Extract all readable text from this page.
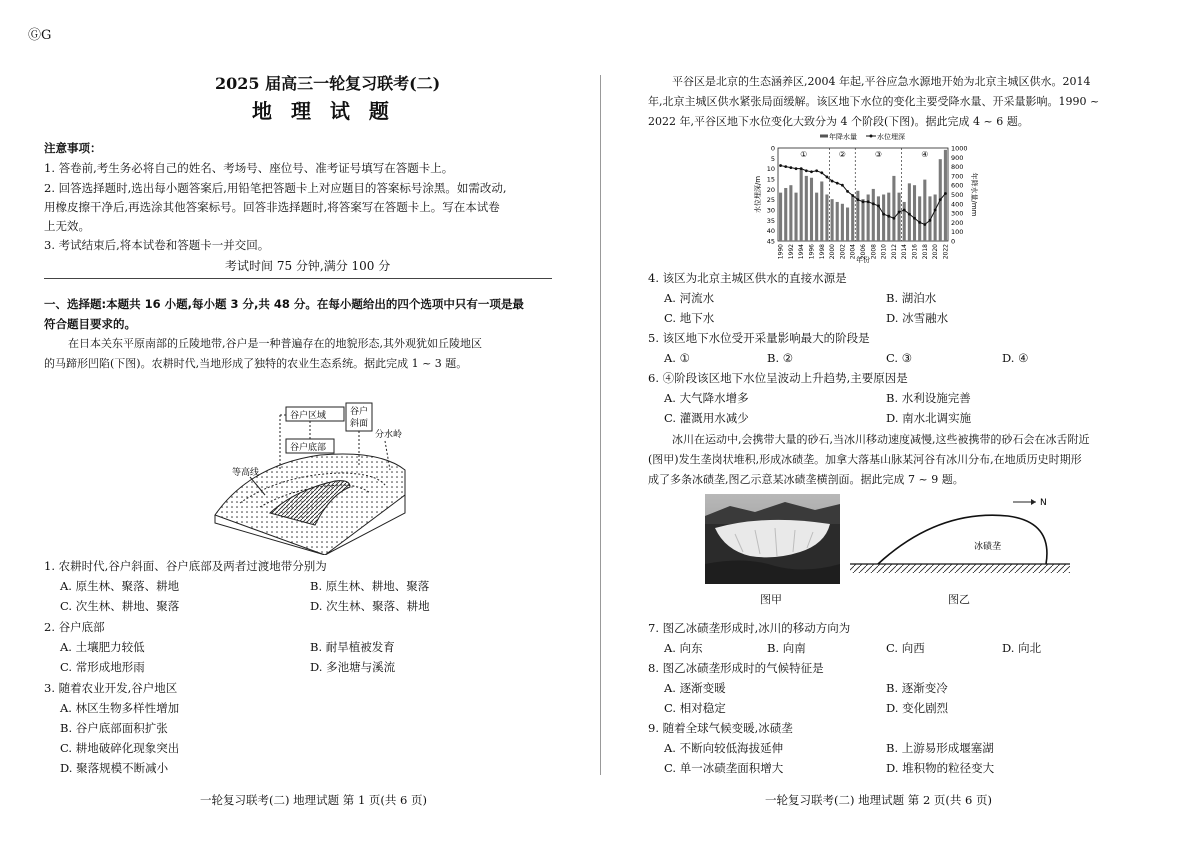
ⒼG
2025 届高三一轮复习联考(二)
地 理 试 题
注意事项：
1. 答卷前,考生务必将自己的姓名、考场号、座位号、准考证号填写在答题卡上。
2. 回答选择题时,选出每小题答案后,用铅笔把答题卡上对应题目的答案标号涂黑。如需改动,
用橡皮擦干净后,再选涂其他答案标号。回答非选择题时,将答案写在答题卡上。写在本试卷
上无效。
3. 考试结束后,将本试卷和答题卡一并交回。
考试时间 75 分钟,满分 100 分
一、选择题:本题共 16 小题,每小题 3 分,共 48 分。在每小题给出的四个选项中只有一项是最
符合题目要求的。
在日本关东平原南部的丘陵地带,谷户是一种普遍存在的地貌形态,其外观犹如丘陵地区
的马蹄形凹陷(下图)。农耕时代,当地形成了独特的农业生态系统。据此完成 1 ~ 3 题。
谷户区域	谷户
斜面
谷户底部
分水岭
等高线
1. 农耕时代,谷户斜面、谷户底部及两者过渡地带分别为
A. 原生林、聚落、耕地	B. 原生林、耕地、聚落
C. 次生林、耕地、聚落	D. 次生林、聚落、耕地
2. 谷户底部
A. 土壤肥力较低	B. 耐旱植被发育
C. 常形成地形雨	D. 多池塘与溪流
3. 随着农业开发,谷户地区
A. 林区生物多样性增加
B. 谷户底部面积扩张
C. 耕地破碎化现象突出
D. 聚落规模不断减小
一轮复习联考(二) 地理试题 第 1 页(共 6 页)
平谷区是北京的生态涵养区,2004 年起,平谷应急水源地开始为北京主城区供水。2014
年,北京主城区供水紧张局面缓解。该区地下水位的变化主要受降水量、开采量影响。1990 ~
2022 年,平谷区地下水位变化大致分为 4 个阶段(下图)。据此完成 4 ~ 6 题。
年降水量	水位埋深
0
5
10
15
20
25
30
35
40
45
1000
900
800
700
600
500
400
300
200
100
0
水位埋深/m	年降水量/mm
①	②	③	④
1990 1992 1994 1996 1998 2000 2002 2004 2006 2008 2010 2012 2014 2016 2018 2020 2022
年份
4. 该区为北京主城区供水的直接水源是
A. 河流水	B. 湖泊水
C. 地下水	D. 冰雪融水
5. 该区地下水位受开采量影响最大的阶段是
A. ①	B. ②	C. ③	D. ④
6. ④阶段该区地下水位呈波动上升趋势,主要原因是
A. 大气降水增多	B. 水利设施完善
C. 灌溉用水减少	D. 南水北调实施
冰川在运动中,会携带大量的砂石,当冰川移动速度减慢,这些被携带的砂石会在冰舌附近
(图甲)发生垄岗状堆积,形成冰碛垄。加拿大落基山脉某河谷有冰川分布,在地质历史时期形
成了多条冰碛垄,图乙示意某冰碛垄横剖面。据此完成 7 ~ 9 题。
图甲
N
冰碛垄
图乙
7. 图乙冰碛垄形成时,冰川的移动方向为
A. 向东	B. 向南	C. 向西	D. 向北
8. 图乙冰碛垄形成时的气候特征是
A. 逐渐变暖	B. 逐渐变冷
C. 相对稳定	D. 变化剧烈
9. 随着全球气候变暖,冰碛垄
A. 不断向较低海拔延伸	B. 上游易形成堰塞湖
C. 单一冰碛垄面积增大	D. 堆积物的粒径变大
一轮复习联考(二) 地理试题 第 2 页(共 6 页)
